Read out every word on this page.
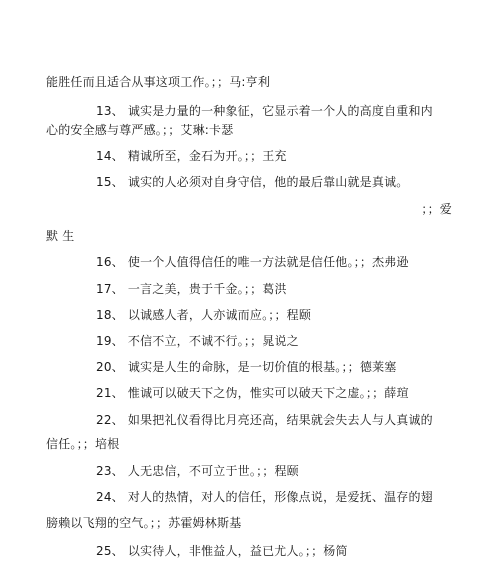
能胜任而且适合从事这项工作。；；马:亨利
13、 诚实是力量的一种象征，它显示着一个人的高度自重和内
心的安全感与尊严感。；；艾琳:卡瑟
14、 精诚所至，金石为开。；；王充
15、 诚实的人必须对自身守信，他的最后靠山就是真诚。
；；爱
默 生
16、 使一个人值得信任的唯一方法就是信任他。；；杰弗逊
17、 一言之美，贵于千金。；；葛洪
18、 以诚感人者，人亦诚而应。；；程颐
19、 不信不立，不诚不行。；；晁说之
20、 诚实是人生的命脉，是一切价值的根基。；；德莱塞
21、 惟诚可以破天下之伪，惟实可以破天下之虚。；；薛瑄
22、 如果把礼仪看得比月亮还高，结果就会失去人与人真诚的
信任。；；培根
23、 人无忠信，不可立于世。；；程颐
24、 对人的热情，对人的信任，形像点说，是爱抚、温存的翅
膀赖以飞翔的空气。；；苏霍姆林斯基
25、 以实待人，非惟益人，益已尤人。；；杨简
